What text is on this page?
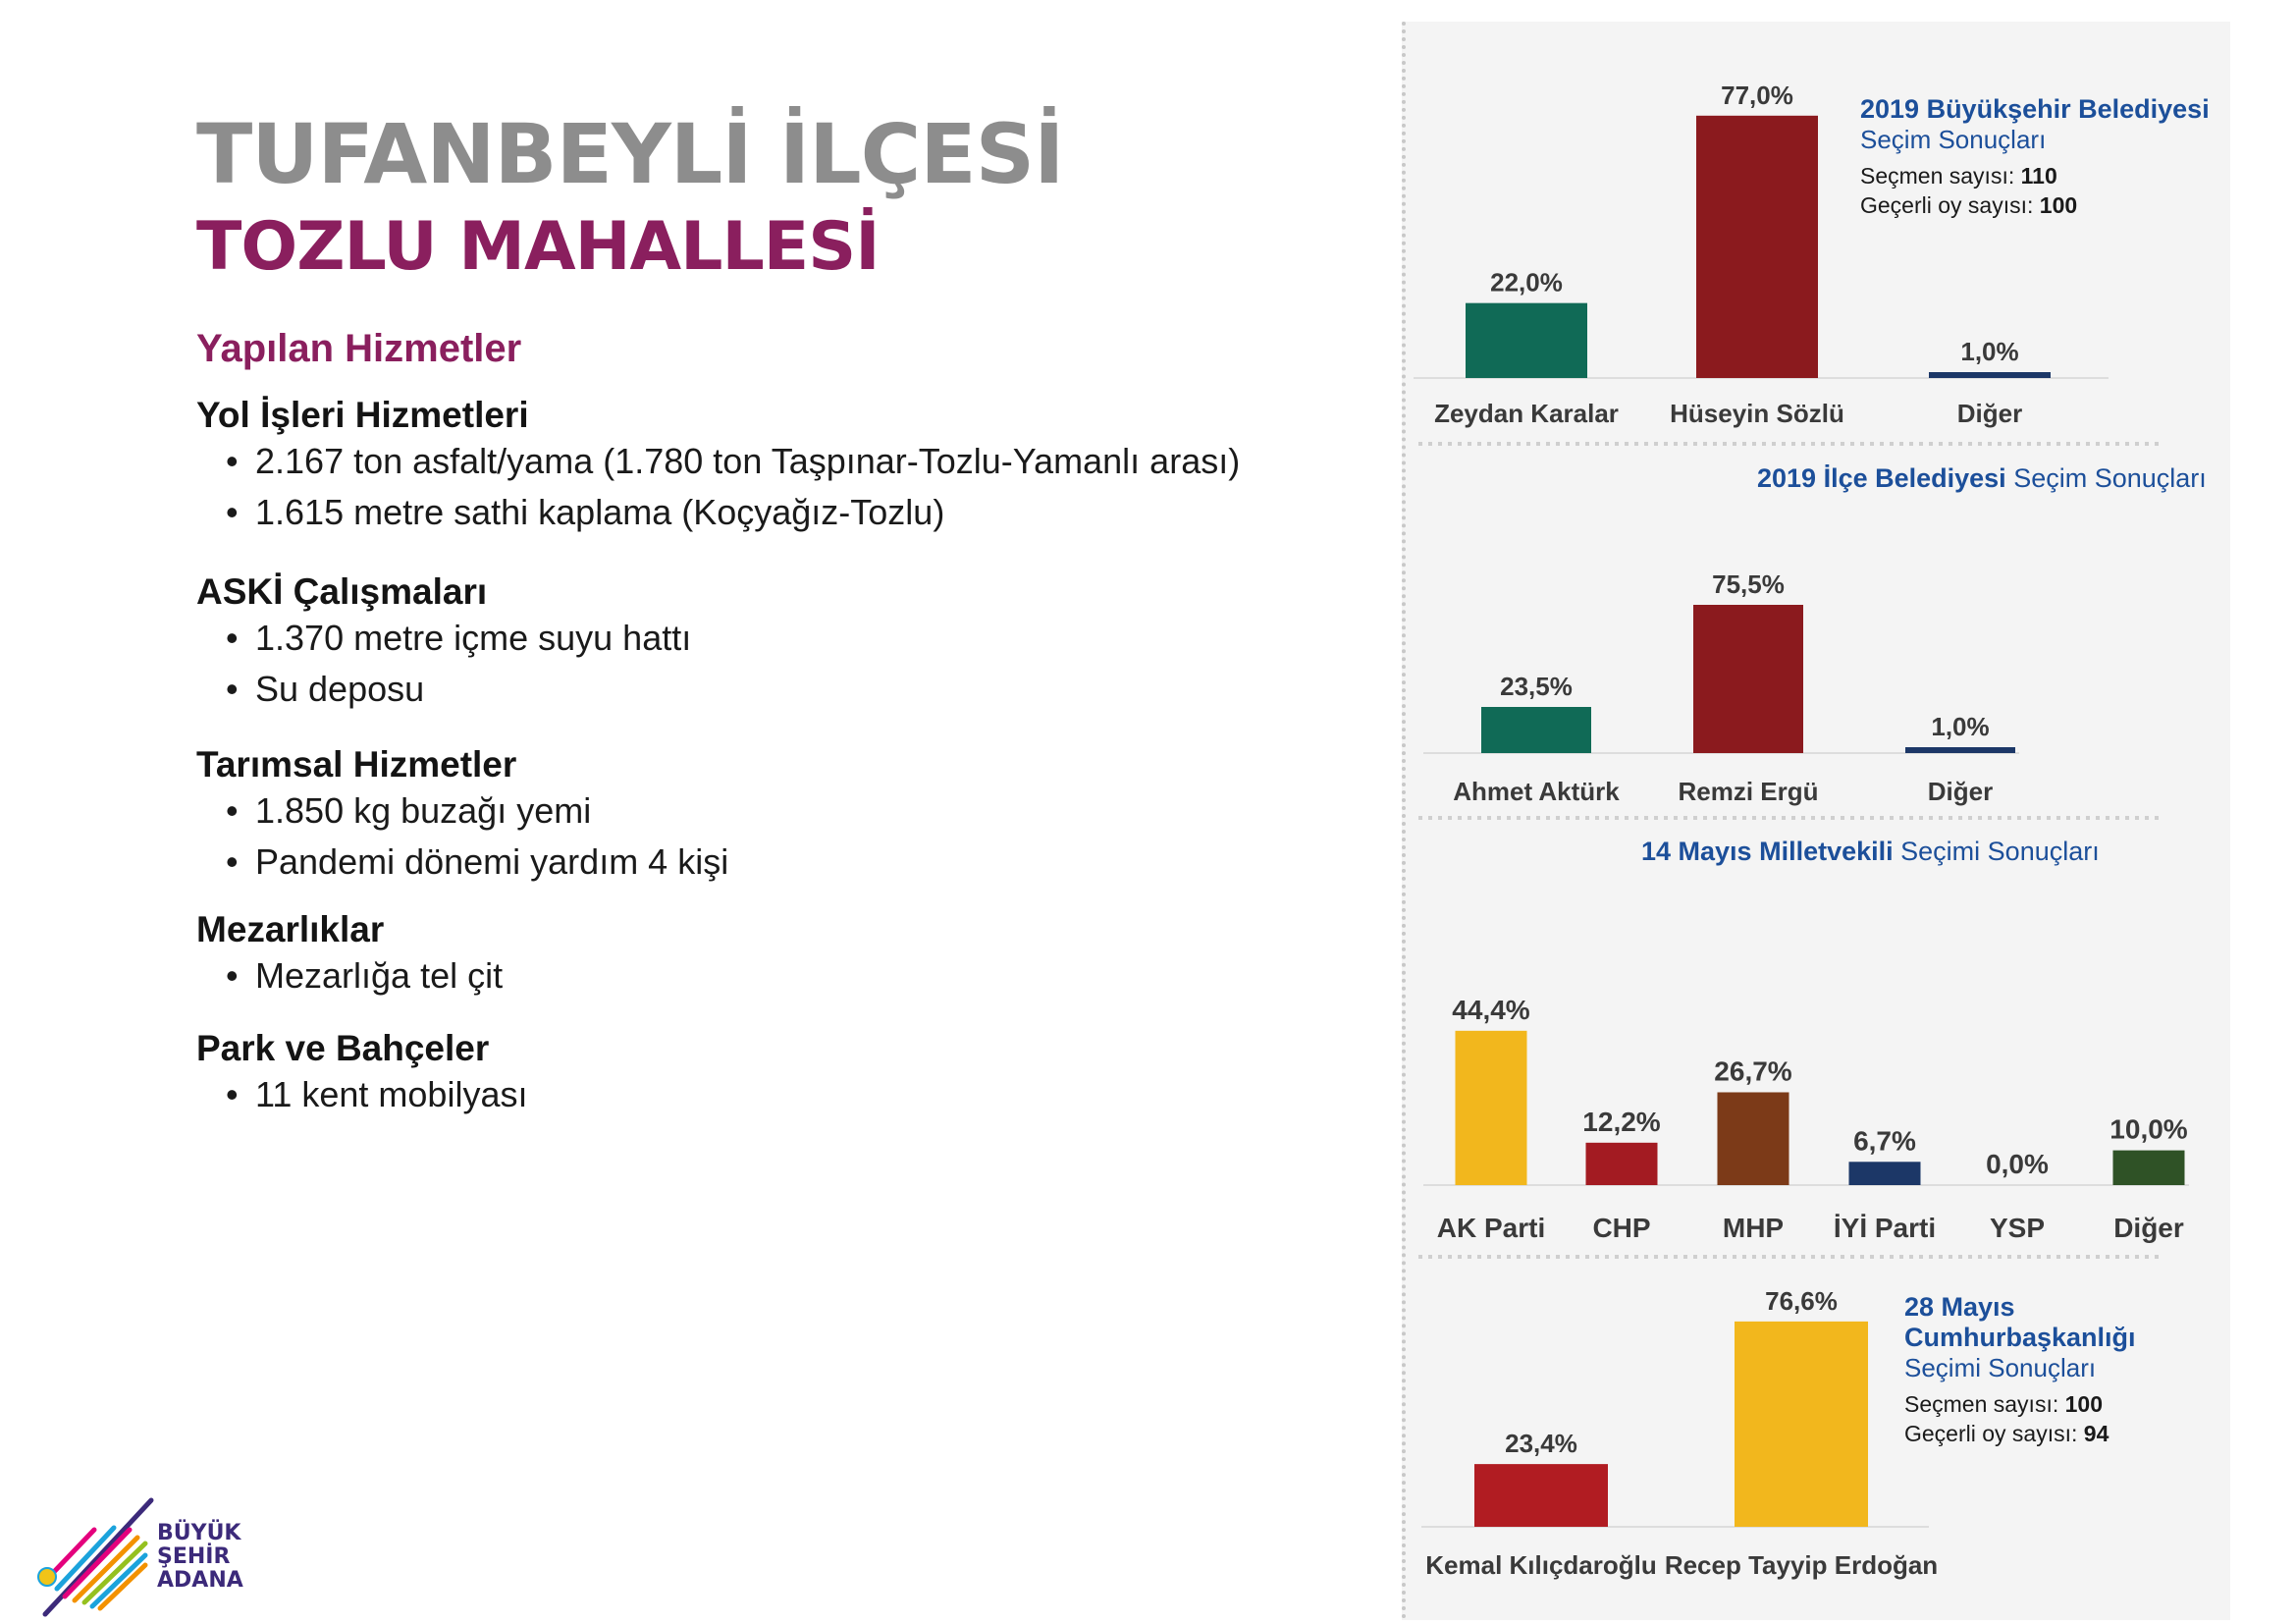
TUFANBEYLİ İLÇESİ
TOZLU MAHALLESİ
Yapılan Hizmetler
Yol İşleri Hizmetleri
• 2.167 ton asfalt/yama (1.780 ton Taşpınar-Tozlu-Yamanlı arası)
• 1.615 metre sathi kaplama (Koçyağız-Tozlu)
ASKİ Çalışmaları
• 1.370 metre içme suyu hattı
• Su deposu
Tarımsal Hizmetler
• 1.850 kg buzağı yemi
• Pandemi dönemi yardım 4 kişi
Mezarlıklar
• Mezarlığa tel çit
Park ve Bahçeler
• 11 kent mobilyası
BÜYÜK
ŞEHİR
ADANA
2019 Büyükşehir Belediyesi
Seçim Sonuçları
Seçmen sayısı: 110
Geçerli oy sayısı: 100
2019 İlçe Belediyesi Seçim Sonuçları
14 Mayıs Milletvekili Seçimi Sonuçları
28 Mayıs Cumhurbaşkanlığı
Seçimi Sonuçları
Seçmen sayısı: 100
Geçerli oy sayısı: 94
22,0%
Zeydan Karalar
77,0%
Hüseyin Sözlü
1,0%
Diğer
23,5%
Ahmet Aktürk
75,5%
Remzi Ergü
1,0%
Diğer
44,4%
AK Parti
12,2%
CHP
26,7%
MHP
6,7%
İYİ Parti
0,0%
YSP
10,0%
Diğer
23,4%
Kemal Kılıçdaroğlu
76,6%
Recep Tayyip Erdoğan
